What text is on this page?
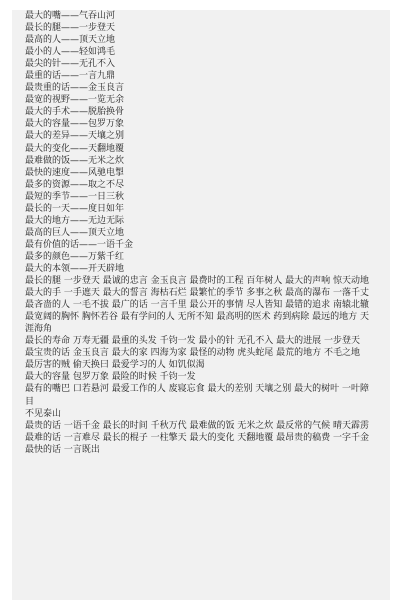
最大的嘴——气吞山河
最长的腿——一步登天
最高的人——顶天立地
最小的人——轻如鸿毛
最尖的针——无孔不入
最重的话——一言九鼎
最贵重的话——金玉良言
最宽的视野——一览无余
最大的手术——脱胎换骨
最大的容量——包罗万象
最大的差异——天壤之别
最大的变化——天翻地覆
最难做的饭——无米之炊
最快的速度——风驰电掣
最多的资源——取之不尽
最短的季节——一日三秋
最长的一天——度日如年
最大的地方——无边无际
最高的巨人——顶天立地
最有价值的话——一语千金
最多的颜色——万紫千红
最大的本领——开天辟地
最长的腿 一步登天 最诚的忠言 金玉良言 最费时的工程 百年树人 最大的声响 惊天动地
最大的手 一手遮天 最大的誓言 海枯石烂 最繁忙的季节 多事之秋 最高的瀑布 一落千丈
最吝啬的人 一毛不拔 最广的话 一言千里 最公开的事情 尽人皆知 最错的追求 南辕北辙
最宽阔的胸怀 胸怀若谷 最有学问的人 无所不知 最高明的医术 药到病除 最远的地方 天涯海角
最长的寿命 万寿无疆 最重的头发 千钧一发 最小的针 无孔不入 最大的进展 一步登天
最宝贵的话 金玉良言 最大的家 四海为家 最怪的动物 虎头蛇尾 最荒的地方 不毛之地
最厉害的贼 偷天换曰 最爱学习的人 如饥似渴
最大的容量 包罗万象 最险的时候 千钧一发
最有的嘴巴 口若悬河 最爱工作的人 废寝忘食 最大的差别 天壤之别 最大的树叶 一叶障目
不见泰山
最贵的话 一语千金 最长的时间 千秋万代 最难做的饭 无米之炊 最反常的气候 晴天霹雳
最难的话 一言难尽 最长的棍子 一柱擎天 最大的变化 天翻地覆 最昂贵的稿费 一字千金
最快的话 一言既出
